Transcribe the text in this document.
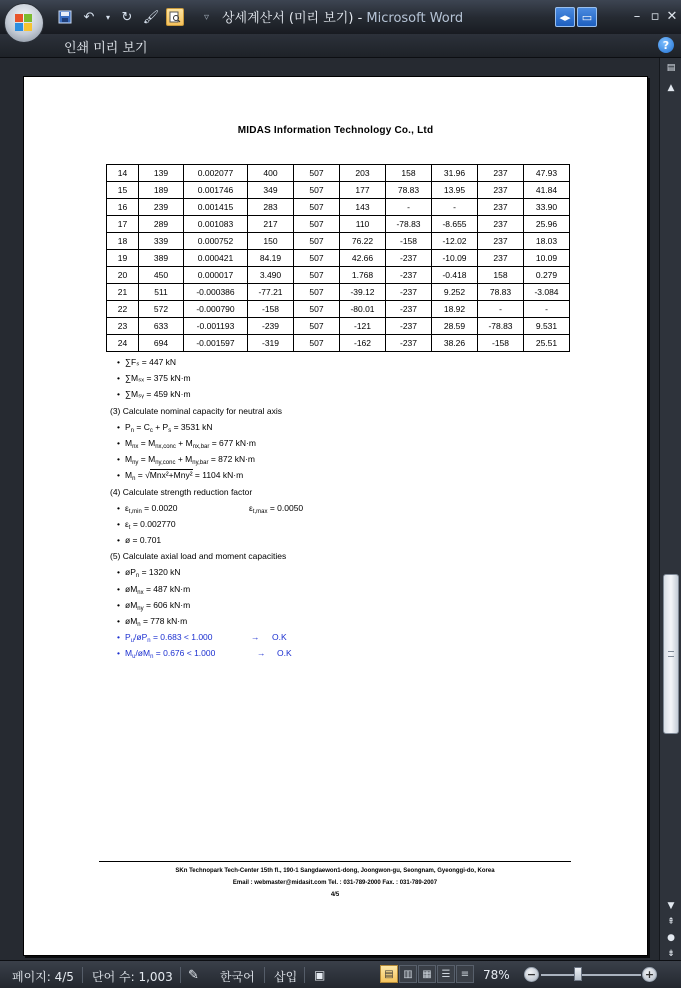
↶	▾ ↻ 🖌	▿ 상세계산서 (미리 보기) - Microsoft Word	◂▸	▭	– ▫ ✕
인쇄 미리 보기	?
MIDAS Information Technology Co., Ltd
14	139	0.002077	400	507	203	158	31.96	237	47.93
15	189	0.001746	349	507	177	78.83	13.95	237	41.84
16	239	0.001415	283	507	143	-	-	237	33.90
17	289	0.001083	217	507	110	-78.83	-8.655	237	25.96
18	339	0.000752	150	507	76.22	-158	-12.02	237	18.03
19	389	0.000421	84.19	507	42.66	-237	-10.09	237	10.09
20	450	0.000017	3.490	507	1.768	-237	-0.418	158	0.279
21	511	-0.000386	-77.21	507	-39.12	-237	9.252	78.83	-3.084
22	572	-0.000790	-158	507	-80.01	-237	18.92	-	-
23	633	-0.001193	-239	507	-121	-237	28.59	-78.83	9.531
24	694	-0.001597	-319	507	-162	-237	38.26	-158	25.51
• ∑Fₛ = 447 kN
• ∑Mₛₓ = 375 kN·m
• ∑Mₛᵧ = 459 kN·m
(3) Calculate nominal capacity for neutral axis
• $P_n = C_c + P_s = 3531$ kN
• $M_{nx} = M_{nx,conc} + M_{nx,bar} = 677$ kN·m
• $M_{ny} = M_{ny,conc} + M_{ny,bar} = 872$ kN·m
• $M_n = √Mnx^2+Mny^2 = 1104$ kN·m
(4) Calculate strength reduction factor
• $\varepsilon_{t,min} = 0.0020$	$\varepsilon_{t,max} = 0.0050$
• $\varepsilon_t = 0.002770$
• ø = 0.701
(5) Calculate axial load and moment capacities
• $øP_n = 1320$ kN
• $øM_{nx} = 487$ kN·m
• $øM_{ny} = 606$ kN·m
• $øM_n = 778$ kN·m
• $P_u/øP_n = 0.683 < 1.000$	→ O.K
• $M_u/øM_n = 0.676 < 1.000$	→ O.K
SKn Technopark Tech-Center 15th fl., 190-1 Sangdaewon1-dong, Joongwon-gu, Seongnam, Gyeonggi-do, Korea
Email : webmaster@midasit.com Tel. : 031-789-2000 Fax. : 031-789-2007
4/5
▤
▲
▼
⇞
●
⇟
페이지: 4/5 단어 수: 1,003 ✎ 한국어 삽입 ▣	▤ ▥ ▦ ☰	≡	78% −	+
